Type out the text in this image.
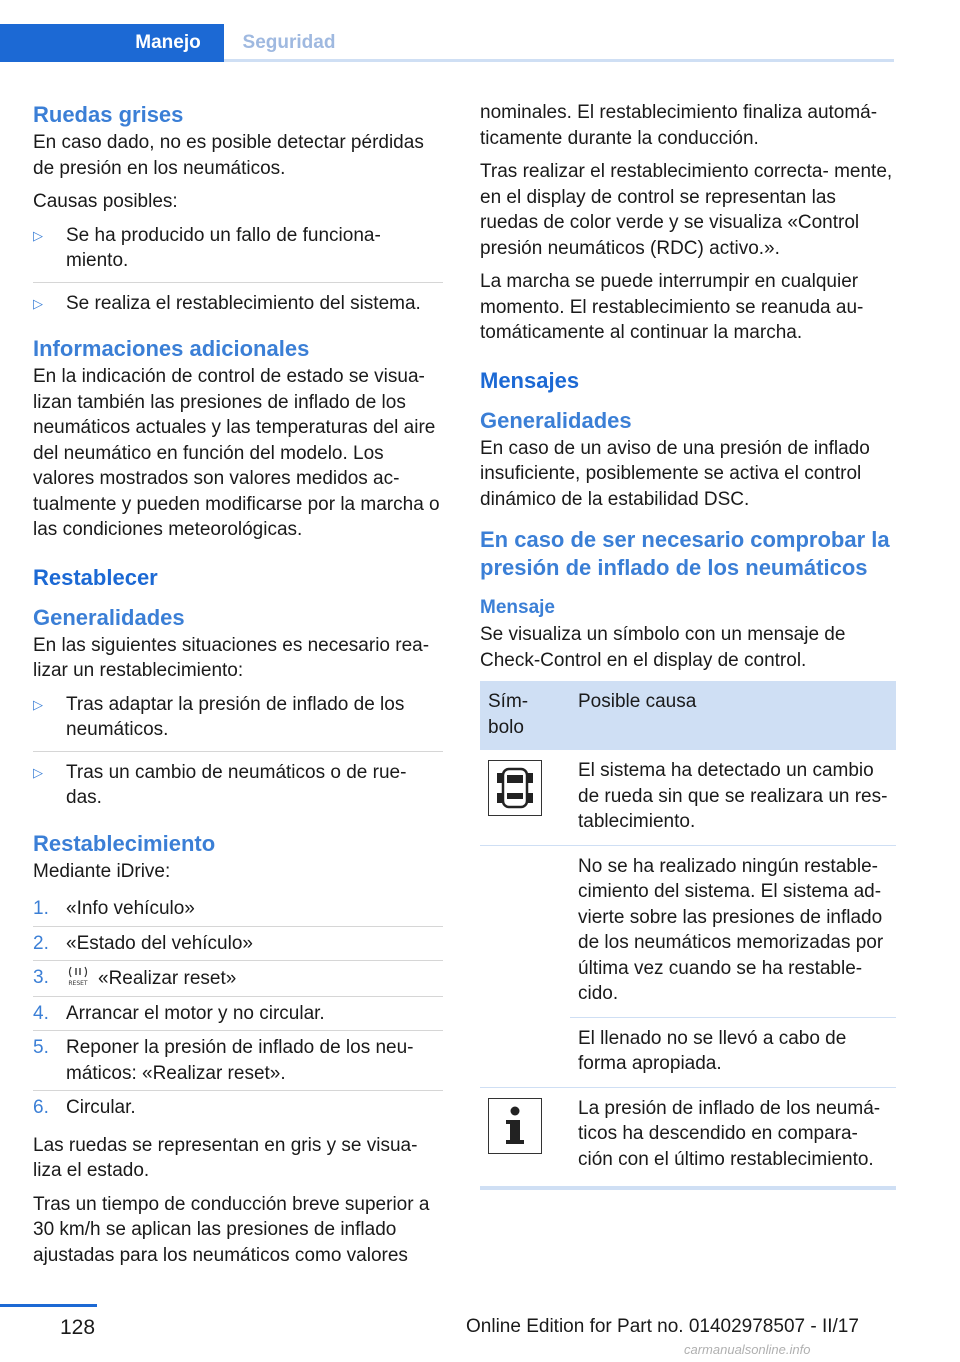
Manejo	Seguridad
Ruedas grises

En caso dado, no es posible detectar pérdidas de presión en los neumáticos.

Causas posibles:

▷ Se ha producido un fallo de funciona‐ miento.
▷ Se realiza el restablecimiento del sistema.
Informaciones adicionales

En la indicación de control de estado se visua‐ lizan también las presiones de inflado de los neumáticos actuales y las temperaturas del aire del neumático en función del modelo. Los valores mostrados son valores medidos ac‐ tualmente y pueden modificarse por la marcha o las condiciones meteorológicas.

Restablecer
Generalidades

En las siguientes situaciones es necesario rea‐ lizar un restablecimiento:

▷ Tras adaptar la presión de inflado de los neumáticos.
▷ Tras un cambio de neumáticos o de rue‐ das.
Restablecimiento

Mediante iDrive:

1. «Info vehículo»
2. «Estado del vehículo»
3.	RESET «Realizar reset»
4. Arrancar el motor y no circular.
5. Reponer la presión de inflado de los neu‐ máticos: «Realizar reset».
6. Circular.

Las ruedas se representan en gris y se visua‐ liza el estado.

Tras un tiempo de conducción breve superior a 30 km/h se aplican las presiones de inflado ajustadas para los neumáticos como valores

nominales. El restablecimiento finaliza automá‐ ticamente durante la conducción.

Tras realizar el restablecimiento correcta‐ mente, en el display de control se representan las ruedas de color verde y se visualiza «Control presión neumáticos (RDC) activo.».

La marcha se puede interrumpir en cualquier momento. El restablecimiento se reanuda au‐ tomáticamente al continuar la marcha.

Mensajes
Generalidades

En caso de un aviso de una presión de inflado insuficiente, posiblemente se activa el control dinámico de la estabilidad DSC.

En caso de ser necesario comprobar la presión de inflado de los neumáticos
Mensaje

Se visualiza un símbolo con un mensaje de Check-Control en el display de control.

Sím‐ bolo	Posible causa

	El sistema ha detectado un cambio de rueda sin que se realizara un res‐ tablecimiento.
	No se ha realizado ningún restable‐ cimiento del sistema. El sistema ad‐ vierte sobre las presiones de inflado de los neumáticos memorizadas por última vez cuando se ha restable‐ cido.
	El llenado no se llevó a cabo de forma apropiada.

	La presión de inflado de los neumá‐ ticos ha descendido en compara‐ ción con el último restablecimiento.
128	Online Edition for Part no. 01402978507 - II/17
carmanualsonline.info
